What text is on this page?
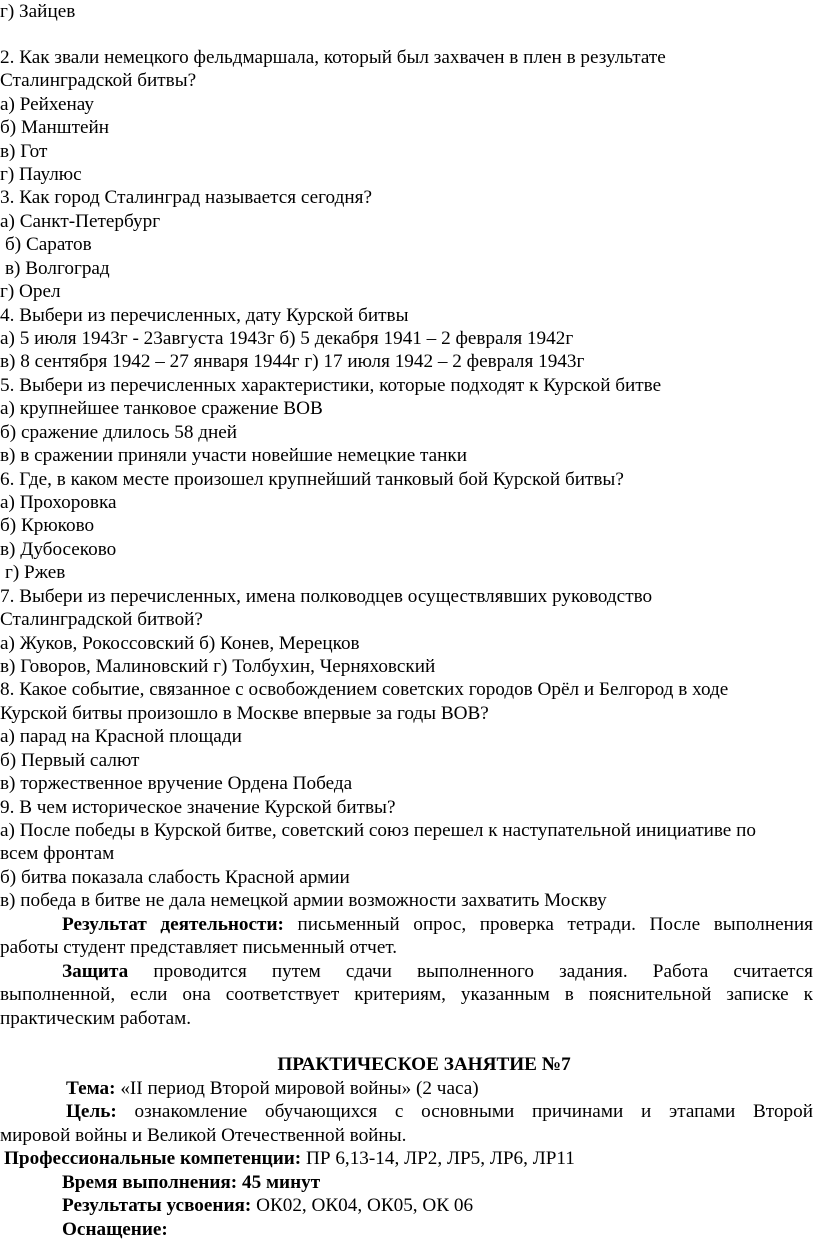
г) Зайцев
2. Как звали немецкого фельдмаршала, который был захвачен в плен в результате
Сталинградской битвы?
а) Рейхенау
б) Манштейн
в) Гот
г) Паулюс
3. Как город Сталинград называется сегодня?
а) Санкт-Петербург
б) Саратов
в) Волгоград
г) Орел
4. Выбери из перечисленных, дату Курской битвы
а) 5 июля 1943г - 23августа 1943г б) 5 декабря 1941 – 2 февраля 1942г
в) 8 сентября 1942 – 27 января 1944г г) 17 июля 1942 – 2 февраля 1943г
5. Выбери из перечисленных характеристики, которые подходят к Курской битве
а) крупнейшее танковое сражение ВОВ
б) сражение длилось 58 дней
в) в сражении приняли участи новейшие немецкие танки
6. Где, в каком месте произошел крупнейший танковый бой Курской битвы?
а) Прохоровка
б) Крюково
в) Дубосеково
г) Ржев
7. Выбери из перечисленных, имена полководцев осуществлявших руководство
Сталинградской битвой?
а) Жуков, Рокоссовский б) Конев, Мерецков
в) Говоров, Малиновский г) Толбухин, Черняховский
8. Какое событие, связанное с освобождением советских городов Орёл и Белгород в ходе
Курской битвы произошло в Москве впервые за годы ВОВ?
а) парад на Красной площади
б) Первый салют
в) торжественное вручение Ордена Победа
9. В чем историческое значение Курской битвы?
а) После победы в Курской битве, советский союз перешел к наступательной инициативе по
всем фронтам
б) битва показала слабость Красной армии
в) победа в битве не дала немецкой армии возможности захватить Москву
Результат деятельности: письменный опрос, проверка тетради. После выполнения
работы студент представляет письменный отчет.
Защита проводится путем сдачи выполненного задания. Работа считается
выполненной, если она соответствует критериям, указанным в пояснительной записке к
практическим работам.
ПРАКТИЧЕСКОЕ ЗАНЯТИЕ №7
Тема: «II период Второй мировой войны» (2 часа)
Цель: ознакомление обучающихся с основными причинами и этапами Второй
мировой войны и Великой Отечественной войны.
Профессиональные компетенции: ПР 6,13-14, ЛР2, ЛР5, ЛР6, ЛР11
Время выполнения: 45 минут
Результаты усвоения: ОК02, ОК04, ОК05, ОК 06
Оснащение:
